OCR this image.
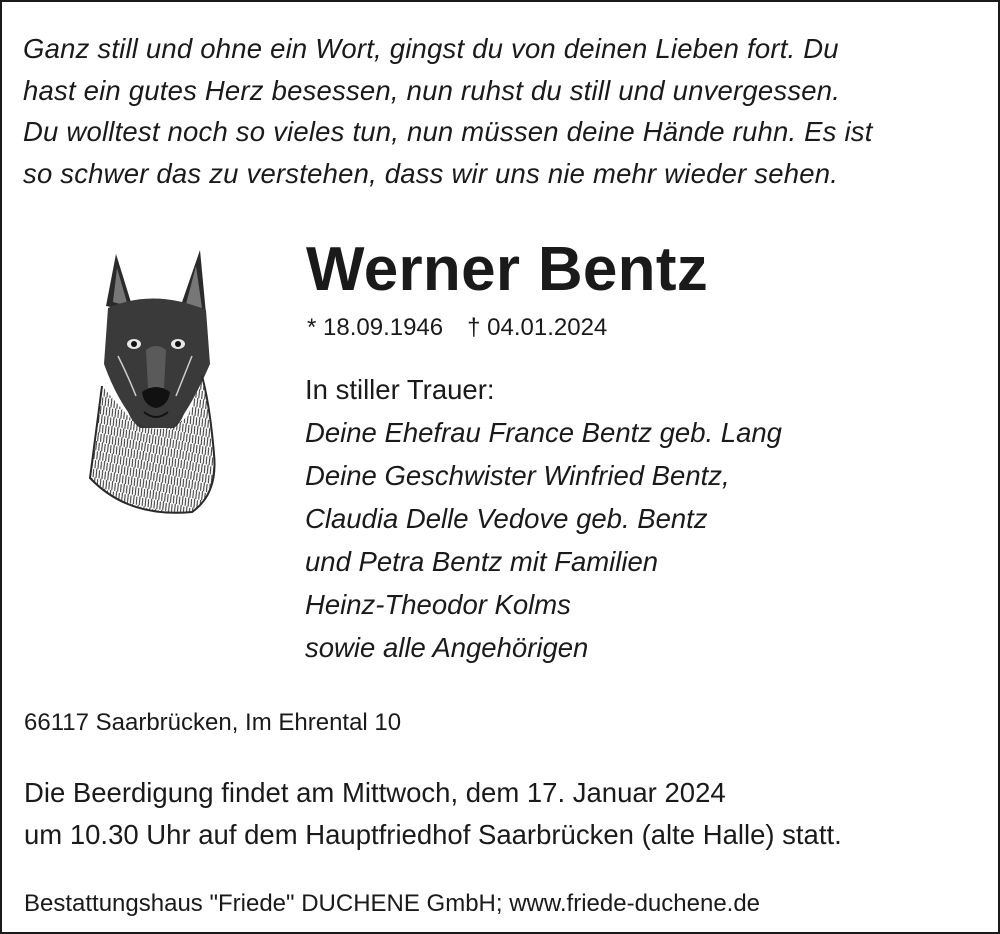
Ganz still und ohne ein Wort, gingst du von deinen Lieben fort. Du
hast ein gutes Herz besessen, nun ruhst du still und unvergessen.
Du wolltest noch so vieles tun, nun müssen deine Hände ruhn. Es ist
so schwer das zu verstehen, dass wir uns nie mehr wieder sehen.
Werner Bentz
* 18.09.1946 † 04.01.2024
In stiller Trauer:
Deine Ehefrau France Bentz geb. Lang
Deine Geschwister Winfried Bentz,
Claudia Delle Vedove geb. Bentz
und Petra Bentz mit Familien
Heinz-Theodor Kolms
sowie alle Angehörigen
66117 Saarbrücken, Im Ehrental 10
Die Beerdigung findet am Mittwoch, dem 17. Januar 2024
um 10.30 Uhr auf dem Hauptfriedhof Saarbrücken (alte Halle) statt.
Bestattungshaus "Friede" DUCHENE GmbH; www.friede-duchene.de
